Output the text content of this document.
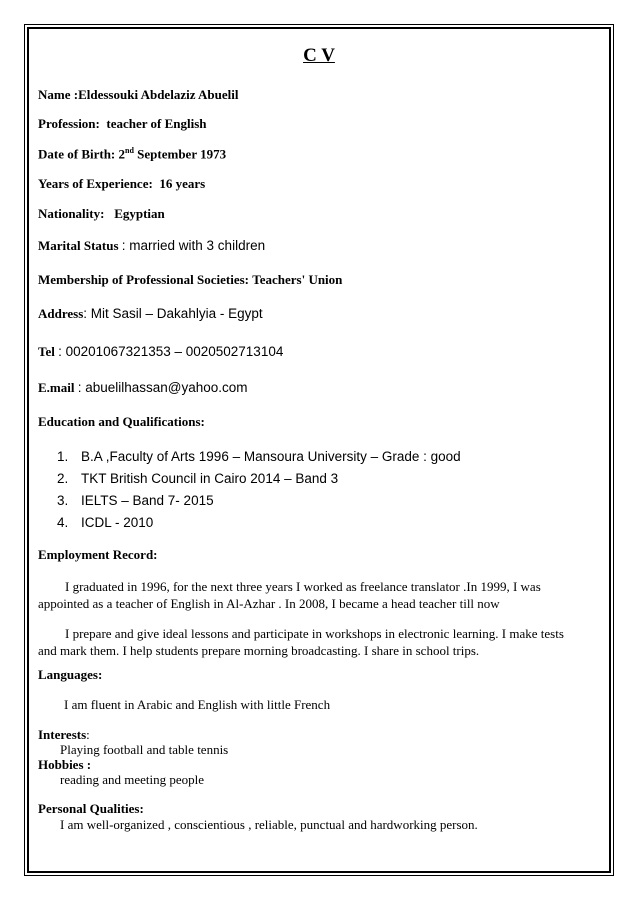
C V
Name :Eldessouki Abdelaziz Abuelil
Profession: teacher of English
Date of Birth: 2nd September 1973
Years of Experience: 16 years
Nationality: Egyptian
Marital Status : married with 3 children
Membership of Professional Societies: Teachers' Union
Address: Mit Sasil – Dakahlyia - Egypt
Tel : 00201067321353 – 0020502713104
E.mail : abuelilhassan@yahoo.com
Education and Qualifications:
1. B.A ,Faculty of Arts 1996 – Mansoura University – Grade : good
2. TKT British Council in Cairo 2014 – Band 3
3. IELTS – Band 7- 2015
4. ICDL - 2010
Employment Record:
I graduated in 1996, for the next three years I worked as freelance translator .In 1999, I was appointed as a teacher of English in Al-Azhar . In 2008, I became a head teacher till now
I prepare and give ideal lessons and participate in workshops in electronic learning. I make tests and mark them. I help students prepare morning broadcasting. I share in school trips.
Languages:
I am fluent in Arabic and English with little French
Interests:
Playing football and table tennis
Hobbies :
reading and meeting people
Personal Qualities:
I am well-organized , conscientious , reliable, punctual and hardworking person.
